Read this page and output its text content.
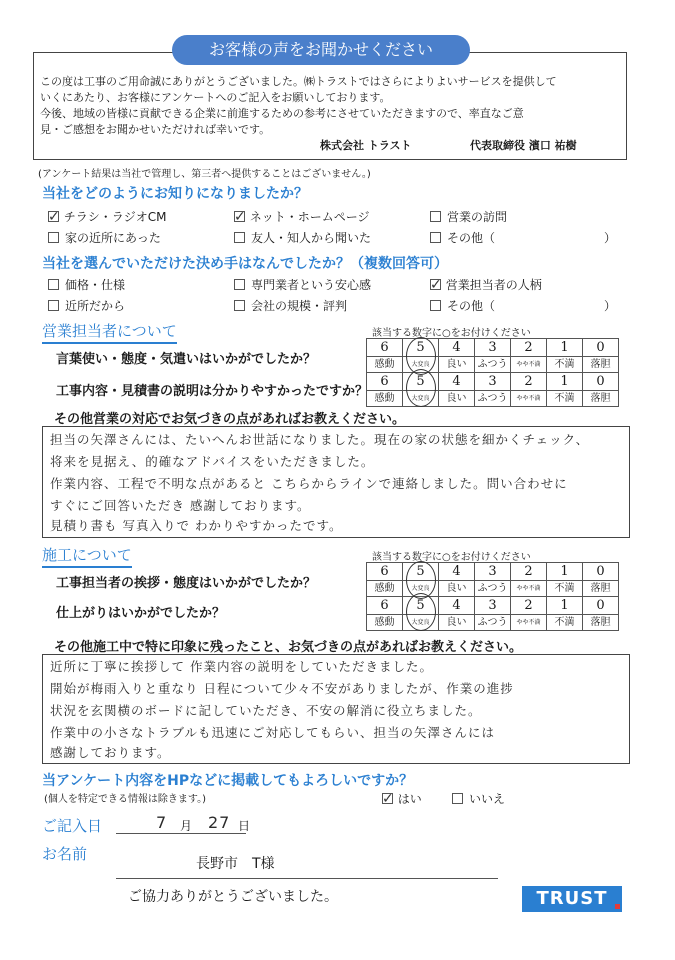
お客様の声をお聞かせください
この度は工事のご用命誠にありがとうございました。㈱トラストではさらによりよいサービスを提供して
いくにあたり、お客様にアンケートへのご記入をお願いしております。
今後、地域の皆様に貢献できる企業に前進するための参考にさせていただきますので、率直なご意
見・ご感想をお聞かせいただければ幸いです。
株式会社 トラスト	代表取締役 濱口 祐樹
(アンケート結果は当社で管理し、第三者へ提供することはございません。)
当社をどのようにお知りになりましたか？
✓ チラシ・ラジオCM	✓ ネット・ホームページ	営業の訪問
家の近所にあった	友人・知人から聞いた	その他（	）
当社を選んでいただけた決め手はなんでしたか？（複数回答可）
価格・仕様	専門業者という安心感	✓ 営業担当者の人柄
近所だから	会社の規模・評判	その他（	）
営業担当者について	該当する数字に○をお付けください
言葉使い・態度・気遣いはいかがでしたか？
工事内容・見積書の説明は分かりやすかったですか？
6	5	4	3	2	1	0
感動	大変良	良い	ふつう	やや不満	不満	落胆
6	5	4	3	2	1	0
感動	大変良	良い	ふつう	やや不満	不満	落胆
その他営業の対応でお気づきの点があればお教えください。
担当の矢澤さんには、たいへんお世話になりました。現在の家の状態を細かくチェック、
将来を見据え、的確なアドバイスをいただきました。
作業内容、工程で不明な点があると こちらからラインで連絡しました。問い合わせに
すぐにご回答いただき 感謝しております。
見積り書も 写真入りで わかりやすかったです。
施工について	該当する数字に○をお付けください
工事担当者の挨拶・態度はいかがでしたか？
仕上がりはいかがでしたか？
6	5	4	3	2	1	0
感動	大変良	良い	ふつう	やや不満	不満	落胆
6	5	4	3	2	1	0
感動	大変良	良い	ふつう	やや不満	不満	落胆
その他施工中で特に印象に残ったこと、お気づきの点があればお教えください。
近所に丁寧に挨拶して 作業内容の説明をしていただきました。
開始が梅雨入りと重なり 日程について少々不安がありましたが、作業の進捗
状況を玄関横のボードに記していただき、不安の解消に役立ちました。
作業中の小さなトラブルも迅速にご対応してもらい、担当の矢澤さんには
感謝しております。
当アンケート内容をHPなどに掲載してもよろしいですか？
(個人を特定できる情報は除きます。)	✓ はい	いいえ
ご記入日	7 月 27 日
お名前
長野市　T様
ご協力ありがとうございました。	TRUST
